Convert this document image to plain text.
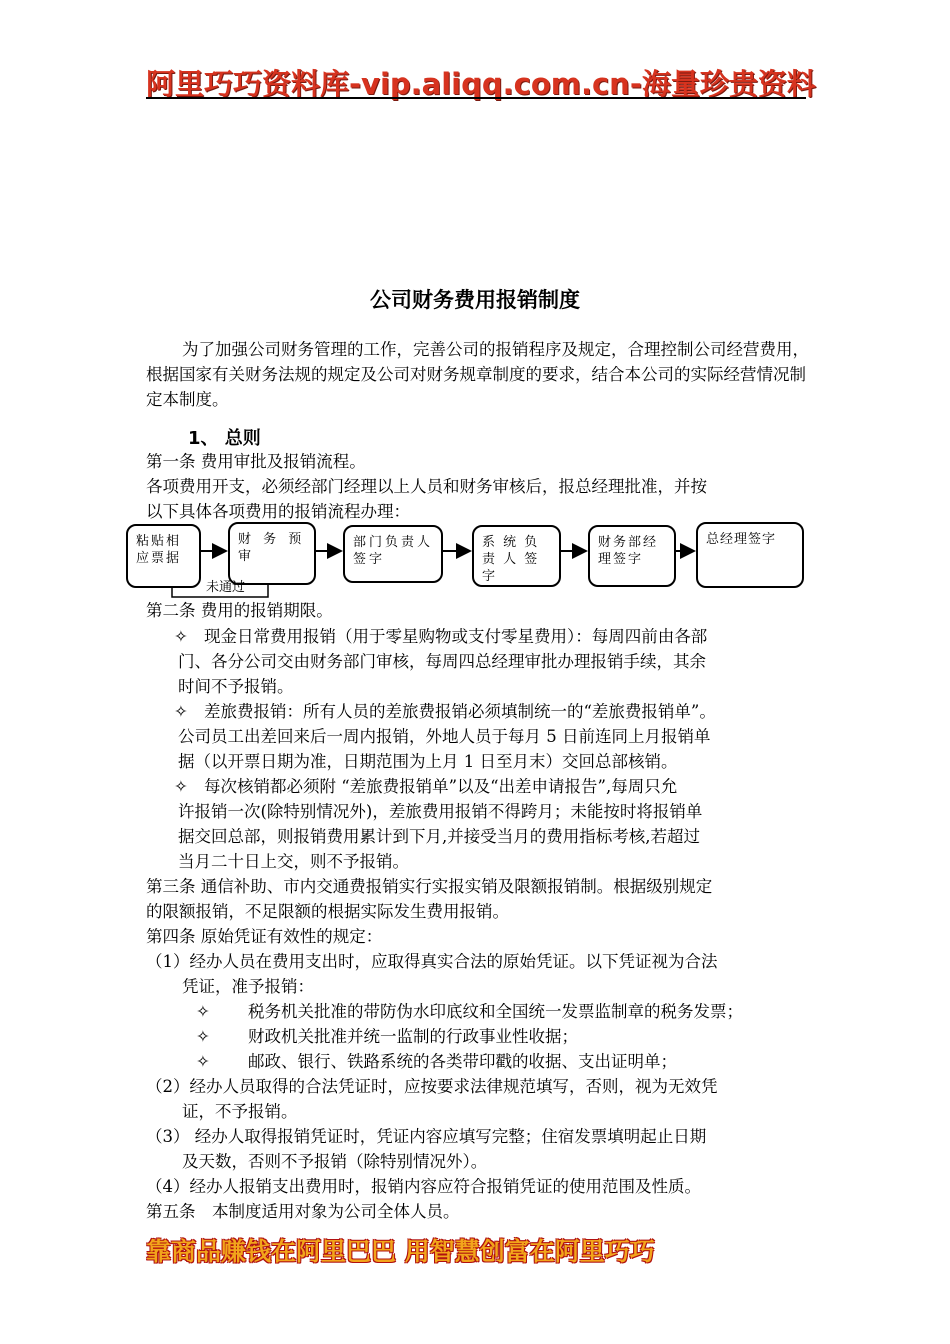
阿里巧巧资料库-vip.aliqq.com.cn-海量珍贵资料
公司财务费用报销制度
为了加强公司财务管理的工作，完善公司的报销程序及规定，合理控制公司经营费用，根据国家有关财务法规的规定及公司对财务规章制度的要求，结合本公司的实际经营情况制定本制度。
1、 总则
第一条 费用审批及报销流程。
各项费用开支，必须经部门经理以上人员和财务审核后，报总经理批准，并按
以下具体各项费用的报销流程办理：
粘贴相应票据
财 务 预 审
部门负责人签字
系 统 负 责 人 签 字
财务部经理签字
总经理签字
未通过
第二条 费用的报销期限。
✧ 现金日常费用报销（用于零星购物或支付零星费用）：每周四前由各部
门、各分公司交由财务部门审核，每周四总经理审批办理报销手续，其余
时间不予报销。
✧ 差旅费报销：所有人员的差旅费报销必须填制统一的“差旅费报销单”。
公司员工出差回来后一周内报销，外地人员于每月 5 日前连同上月报销单
据（以开票日期为准，日期范围为上月 1 日至月末）交回总部核销。
✧ 每次核销都必须附 “差旅费报销单”以及“出差申请报告”,每周只允
许报销一次(除特别情况外)，差旅费用报销不得跨月；未能按时将报销单
据交回总部，则报销费用累计到下月,并接受当月的费用指标考核,若超过
当月二十日上交，则不予报销。
第三条 通信补助、市内交通费报销实行实报实销及限额报销制。根据级别规定
的限额报销，不足限额的根据实际发生费用报销。
第四条 原始凭证有效性的规定：
（1）经办人员在费用支出时，应取得真实合法的原始凭证。以下凭证视为合法
凭证，准予报销：
✧ 税务机关批准的带防伪水印底纹和全国统一发票监制章的税务发票；
✧ 财政机关批准并统一监制的行政事业性收据；
✧ 邮政、银行、铁路系统的各类带印戳的收据、支出证明单；
（2）经办人员取得的合法凭证时，应按要求法律规范填写，否则，视为无效凭
证，不予报销。
（3） 经办人取得报销凭证时，凭证内容应填写完整；住宿发票填明起止日期
及天数，否则不予报销（除特别情况外）。
（4）经办人报销支出费用时，报销内容应符合报销凭证的使用范围及性质。
第五条　本制度适用对象为公司全体人员。
靠商品赚钱在阿里巴巴 用智慧创富在阿里巧巧
